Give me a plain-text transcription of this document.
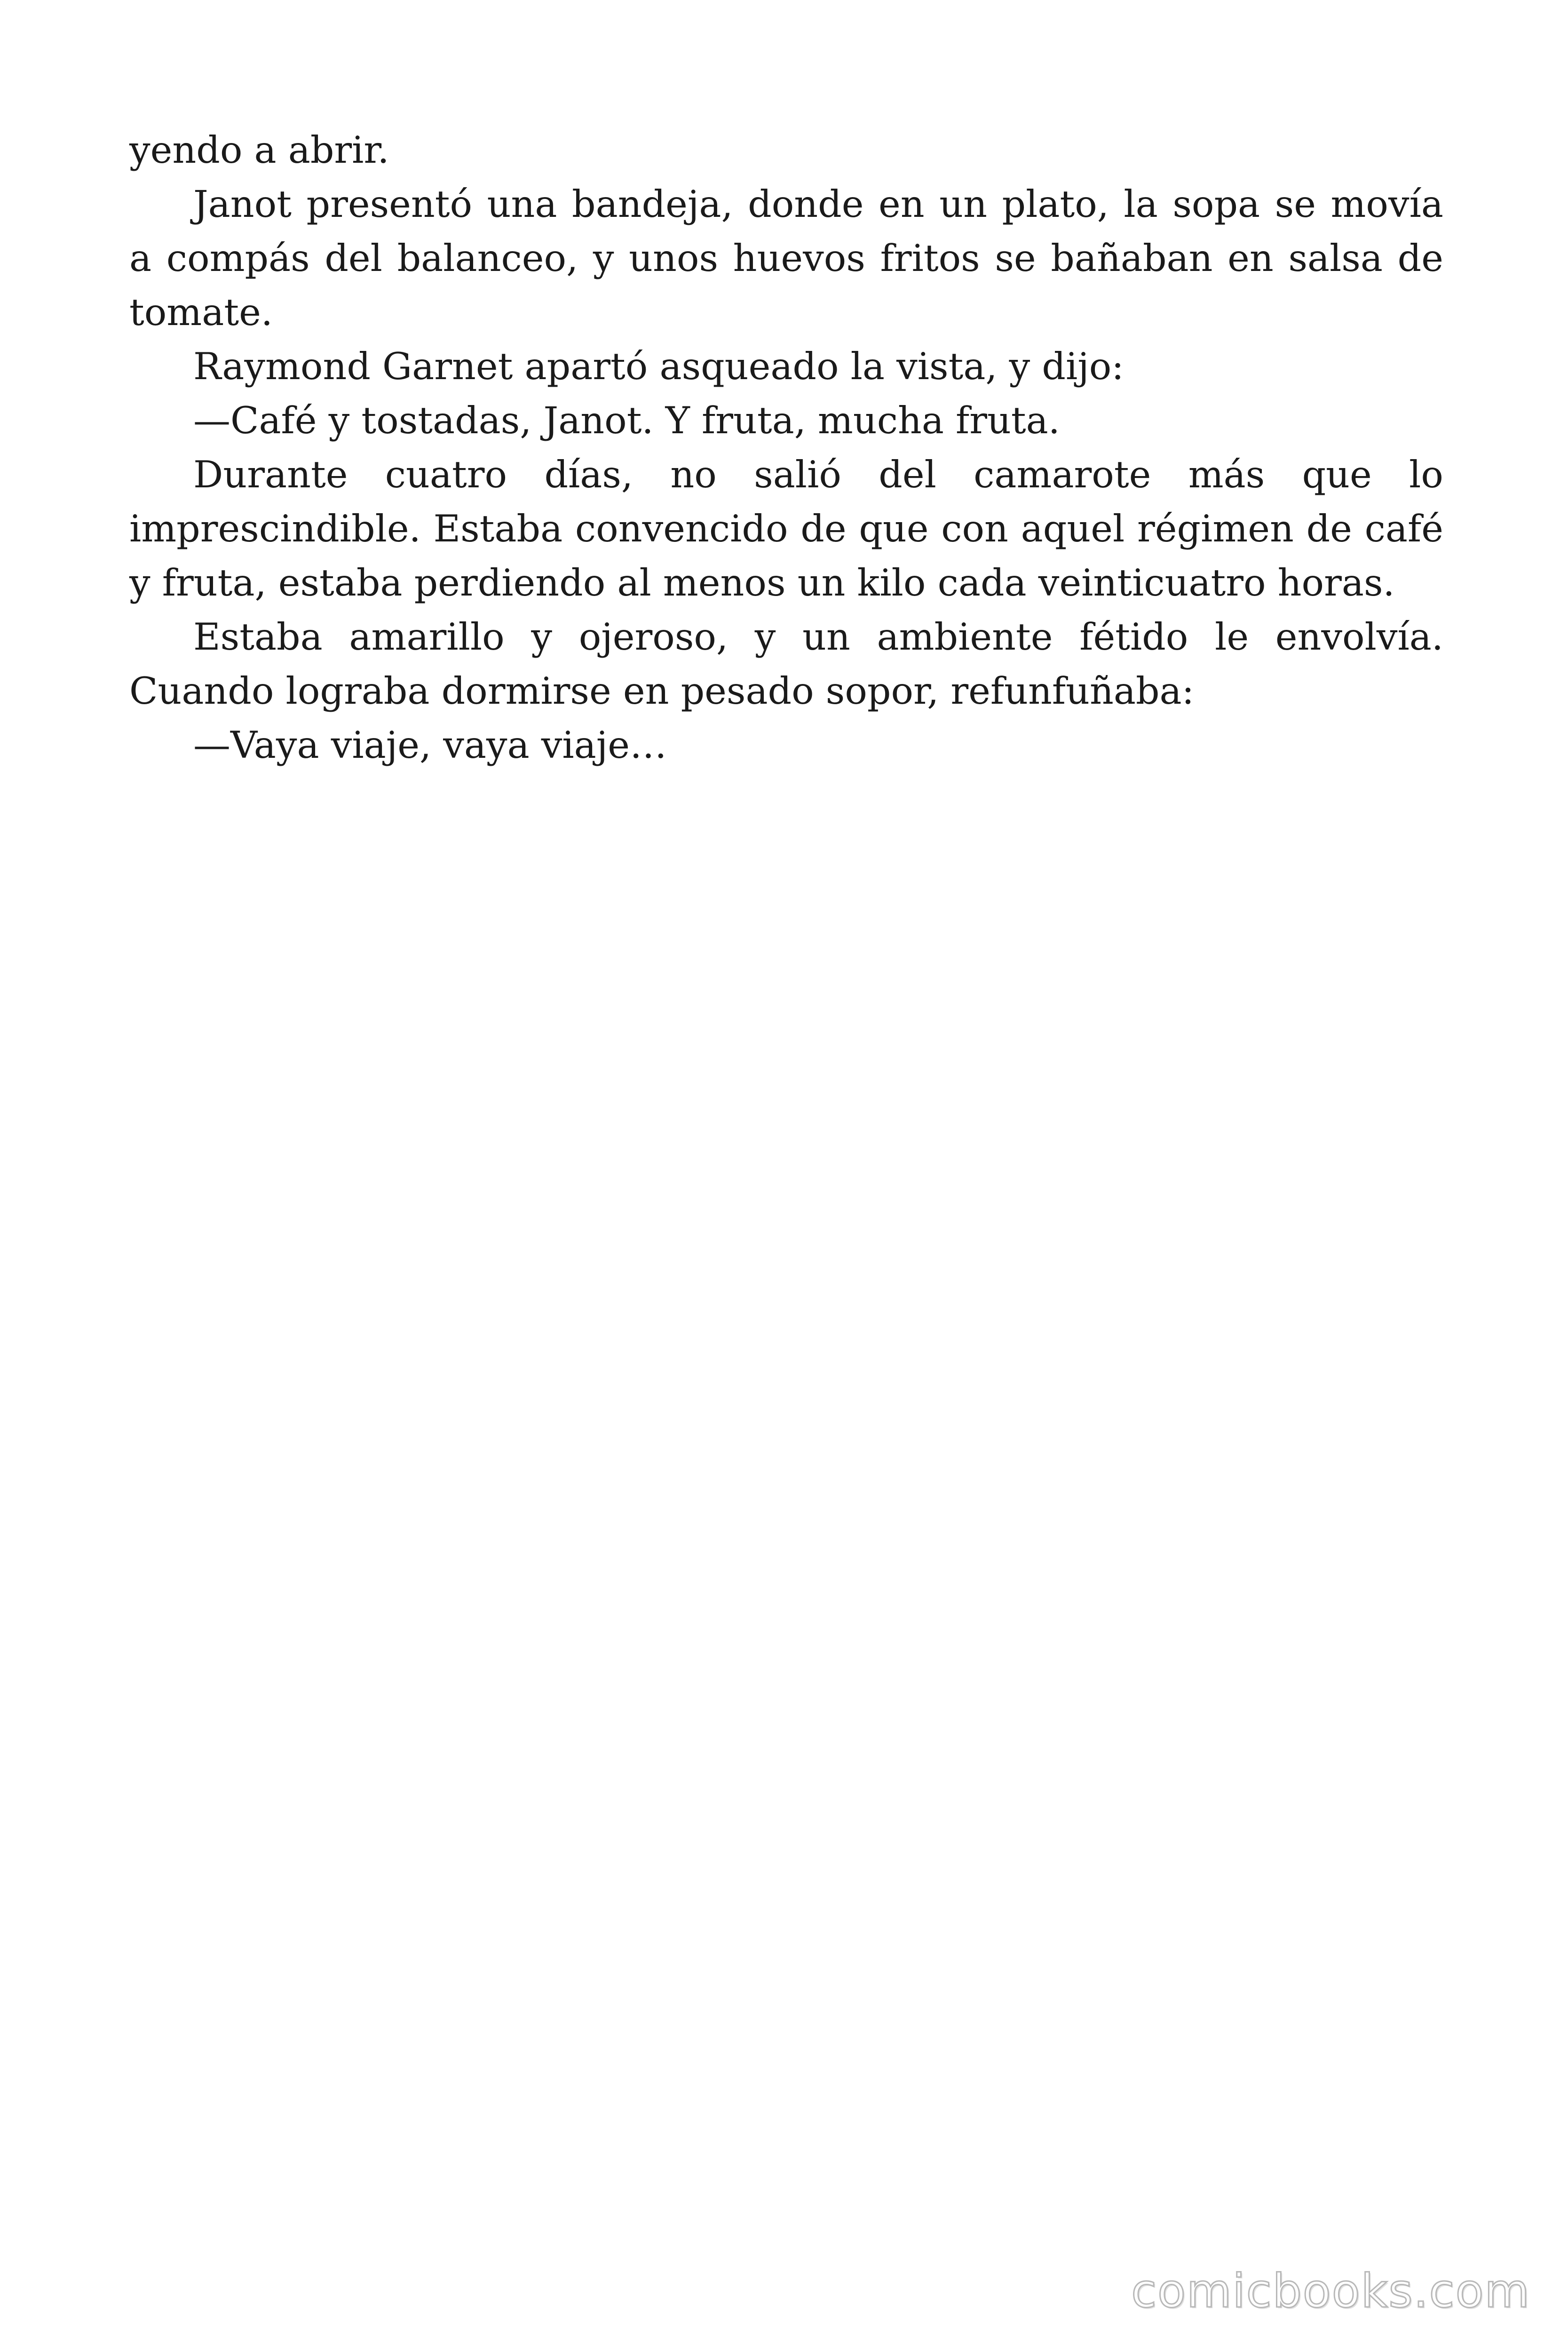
yendo a abrir.

Janot presentó una bandeja, donde en un plato, la sopa se movía a compás del balanceo, y unos huevos fritos se bañaban en salsa de tomate.

Raymond Garnet apartó asqueado la vista, y dijo:

—Café y tostadas, Janot. Y fruta, mucha fruta.

Durante cuatro días, no salió del camarote más que lo imprescindible. Estaba convencido de que con aquel régimen de café y fruta, estaba perdiendo al menos un kilo cada veinticuatro horas.

Estaba amarillo y ojeroso, y un ambiente fétido le envolvía. Cuando lograba dormirse en pesado sopor, refunfuñaba:

—Vaya viaje, vaya viaje…

comicbooks.com
